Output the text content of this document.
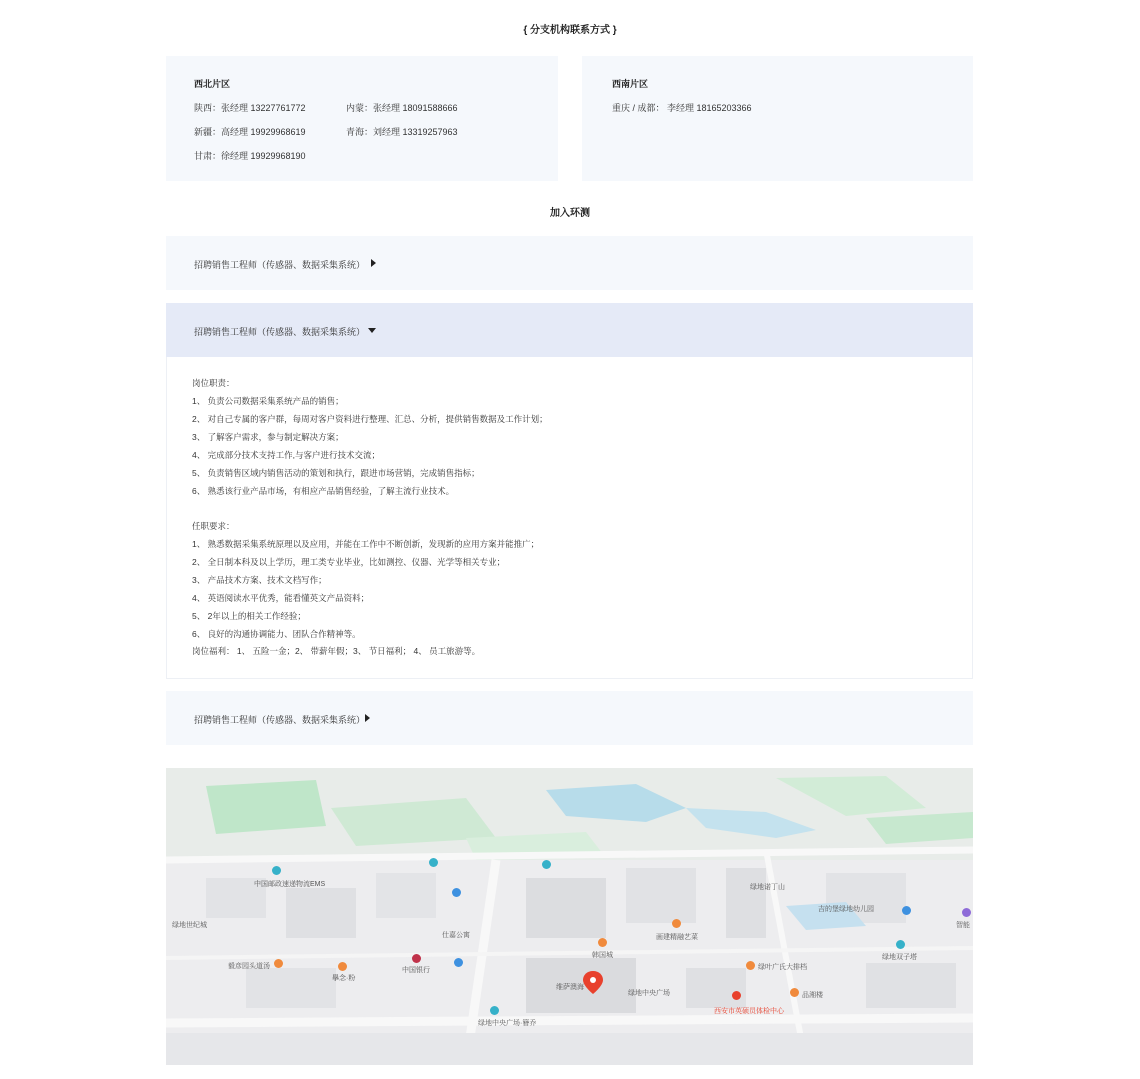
{ 分支机构联系方式 }
西北片区
陕西：张经理 13227761772	内蒙：张经理 18091588666
新疆：高经理 19929968619	青海：刘经理 13319257963
甘肃：徐经理 19929968190
西南片区
重庆 / 成都： 李经理 18165203366
加入环测
招聘销售工程师（传感器、数据采集系统）
招聘销售工程师（传感器、数据采集系统）
岗位职责：
1、 负责公司数据采集系统产品的销售；
2、 对自己专属的客户群，每周对客户资料进行整理、汇总、分析，提供销售数据及工作计划；
3、 了解客户需求，参与制定解决方案；
4、 完成部分技术支持工作,与客户进行技术交流；
5、 负责销售区域内销售活动的策划和执行，跟进市场营销，完成销售指标；
6、 熟悉该行业产品市场，有相应产品销售经验，了解主流行业技术。
任职要求：
1、 熟悉数据采集系统原理以及应用，并能在工作中不断创新，发现新的应用方案并能推广；
2、 全日制本科及以上学历，理工类专业毕业，比如测控、仪器、光学等相关专业；
3、 产品技术方案、技术文档写作；
4、 英语阅读水平优秀，能看懂英文产品资料；
5、 2年以上的相关工作经验；
6、 良好的沟通协调能力、团队合作精神等。
岗位福利： 1、 五险一金；2、 带薪年假；3、 节日福利； 4、 员工旅游等。
招聘销售工程师（传感器、数据采集系统）
中国邮政速递物流EMS
绿地世纪城
仕嘉公寓	画建精融艺菜
韩国城
中国银行
毅彦园头道汤
擧念·粉
维萨澳海
绿地中央广场
绿地中央广场·簪乔
绿地诺丁山
吉的堡绿地幼儿园
绿地双子塔
绿叶广氏大排档
品湘楼
西安市英硕员体检中心
智能
